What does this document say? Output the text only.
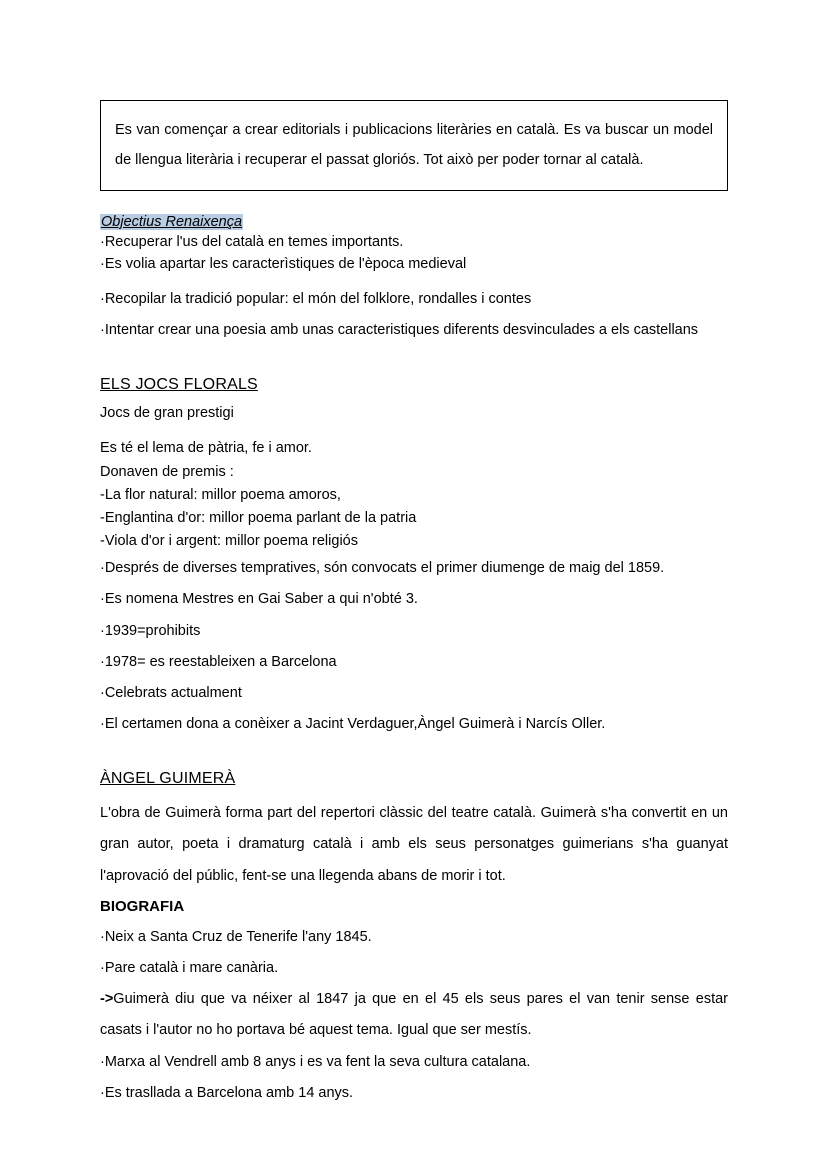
Es van començar a crear editorials i publicacions literàries en català. Es va buscar un model de llengua literària i recuperar el passat gloriós. Tot això per poder tornar al català.

Objectius Renaixença

·Recuperar l'us del català en temes importants.

·Es volia apartar les caracterìstiques de l'època medieval

·Recopilar la tradició popular: el món del folklore, rondalles i contes

·Intentar crear una poesia amb unas caracteristiques diferents desvinculades a els castellans

ELS JOCS FLORALS

Jocs de gran prestigi

Es té el lema de pàtria, fe i amor.

Donaven de premis :

-La flor natural: millor poema amoros,

-Englantina d'or: millor poema parlant de la patria

-Viola d'or i argent: millor poema religiós

·Després de diverses tempratives, són convocats el primer diumenge de maig del 1859.

·Es nomena Mestres en Gai Saber a qui n'obté 3.

·1939=prohibits

·1978= es reestableixen a Barcelona

·Celebrats actualment

·El certamen dona a conèixer a Jacint Verdaguer,Àngel Guimerà i Narcís Oller.

ÀNGEL GUIMERÀ

L'obra de Guimerà forma part del repertori clàssic del teatre català. Guimerà s'ha convertit en un gran autor, poeta i dramaturg català i amb els seus personatges guimerians s'ha guanyat l'aprovació del públic, fent-se una llegenda abans de morir i tot.

BIOGRAFIA

·Neix a Santa Cruz de Tenerife l'any 1845.

·Pare català i mare canària.

->Guimerà diu que va néixer al 1847 ja que en el 45 els seus pares el van tenir sense estar casats i l'autor no ho portava bé aquest tema. Igual que ser mestís.

·Marxa al Vendrell amb 8 anys i es va fent la seva cultura catalana.

·Es trasllada a Barcelona amb 14 anys.
